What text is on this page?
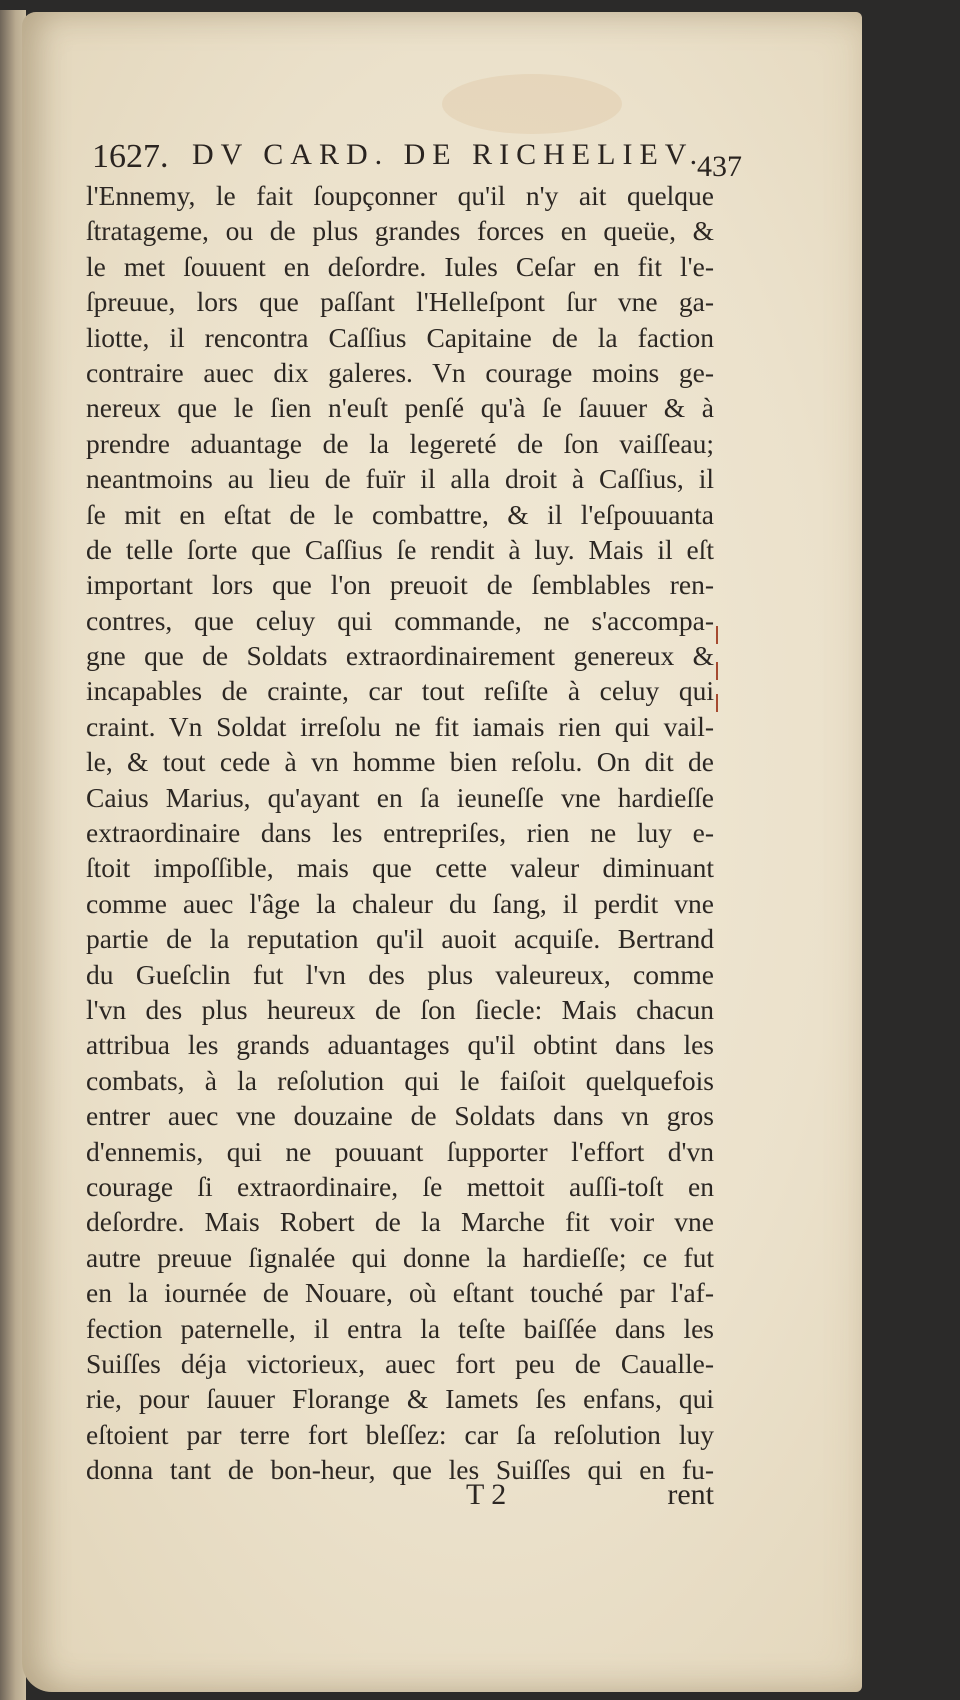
1627. DV CARD. DE RICHELIEV.
437
l'Ennemy, le fait ſoupçonner qu'il n'y ait quelque
ſtratageme, ou de plus grandes forces en queüe, &
le met ſouuent en deſordre. Iules Ceſar en fit l'e-
ſpreuue, lors que paſſant l'Helleſpont ſur vne ga-
liotte, il rencontra Caſſius Capitaine de la faction
contraire auec dix galeres. Vn courage moins ge-
nereux que le ſien n'euſt penſé qu'à ſe ſauuer & à
prendre aduantage de la legereté de ſon vaiſſeau;
neantmoins au lieu de fuïr il alla droit à Caſſius, il
ſe mit en eſtat de le combattre, & il l'eſpouuanta
de telle ſorte que Caſſius ſe rendit à luy. Mais il eſt
important lors que l'on preuoit de ſemblables ren-
contres, que celuy qui commande, ne s'accompa-
gne que de Soldats extraordinairement genereux &
incapables de crainte, car tout reſiſte à celuy qui
craint. Vn Soldat irreſolu ne fit iamais rien qui vail-
le, & tout cede à vn homme bien reſolu. On dit de
Caius Marius, qu'ayant en ſa ieuneſſe vne hardieſſe
extraordinaire dans les entrepriſes, rien ne luy e-
ſtoit impoſſible, mais que cette valeur diminuant
comme auec l'âge la chaleur du ſang, il perdit vne
partie de la reputation qu'il auoit acquiſe. Bertrand
du Gueſclin fut l'vn des plus valeureux, comme
l'vn des plus heureux de ſon ſiecle: Mais chacun
attribua les grands aduantages qu'il obtint dans les
combats, à la reſolution qui le faiſoit quelquefois
entrer auec vne douzaine de Soldats dans vn gros
d'ennemis, qui ne pouuant ſupporter l'effort d'vn
courage ſi extraordinaire, ſe mettoit auſſi-toſt en
deſordre. Mais Robert de la Marche fit voir vne
autre preuue ſignalée qui donne la hardieſſe; ce fut
en la iournée de Nouare, où eſtant touché par l'af-
fection paternelle, il entra la teſte baiſſée dans les
Suiſſes déja victorieux, auec fort peu de Caualle-
rie, pour ſauuer Florange & Iamets ſes enfans, qui
eſtoient par terre fort bleſſez: car ſa reſolution luy
donna tant de bon-heur, que les Suiſſes qui en fu-
T 2	rent
